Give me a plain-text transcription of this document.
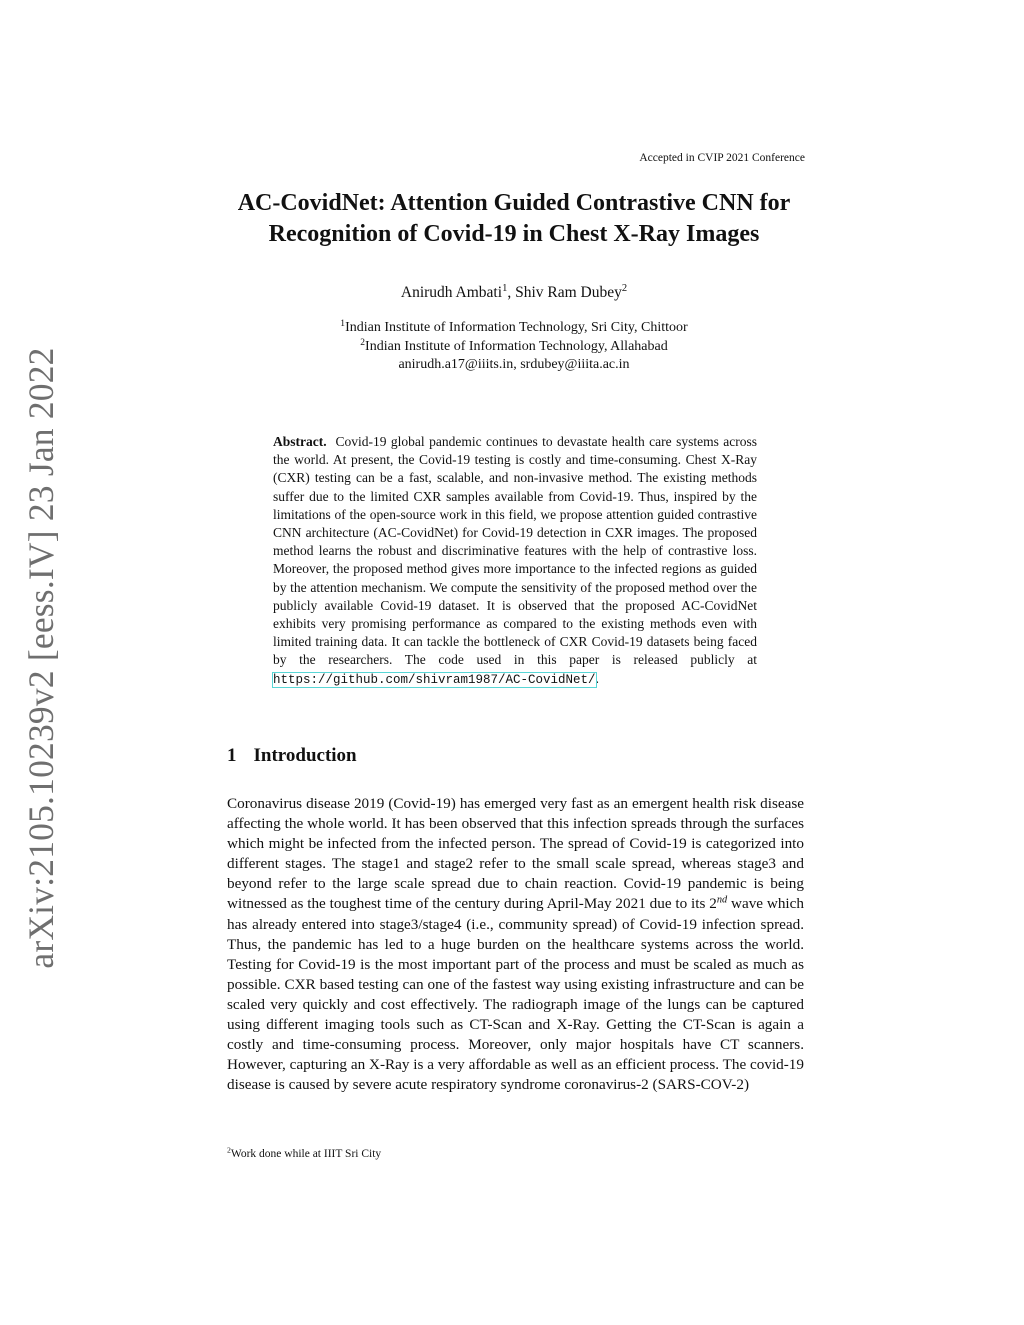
arXiv:2105.10239v2 [eess.IV] 23 Jan 2022
Accepted in CVIP 2021 Conference
AC-CovidNet: Attention Guided Contrastive CNN for
Recognition of Covid-19 in Chest X-Ray Images
Anirudh Ambati$^1$, Shiv Ram Dubey$^2$
$^1$Indian Institute of Information Technology, Sri City, Chittoor
$^2$Indian Institute of Information Technology, Allahabad
anirudh.a17@iiits.in, srdubey@iiita.ac.in
Abstract. Covid-19 global pandemic continues to devastate health care systems across the world. At present, the Covid-19 testing is costly and time-consuming. Chest X-Ray (CXR) testing can be a fast, scalable, and non-invasive method. The existing methods suffer due to the limited CXR samples available from Covid-19. Thus, inspired by the limitations of the open-source work in this field, we propose attention guided contrastive CNN architecture (AC-CovidNet) for Covid-19 detection in CXR images. The proposed method learns the robust and discriminative features with the help of contrastive loss. Moreover, the proposed method gives more importance to the infected regions as guided by the attention mechanism. We compute the sensitivity of the proposed method over the publicly available Covid-19 dataset. It is observed that the proposed AC-CovidNet exhibits very promising performance as compared to the existing methods even with limited training data. It can tackle the bottleneck of CXR Covid-19 datasets being faced by the researchers. The code used in this paper is released publicly at https://github.com/shivram1987/AC-CovidNet/.
1 Introduction
Coronavirus disease 2019 (Covid-19) has emerged very fast as an emergent health risk disease affecting the whole world. It has been observed that this infection spreads through the surfaces which might be infected from the infected person. The spread of Covid-19 is categorized into different stages. The stage1 and stage2 refer to the small scale spread, whereas stage3 and beyond refer to the large scale spread due to chain reaction. Covid-19 pandemic is being witnessed as the toughest time of the century during April-May 2021 due to its 2nd wave which has already entered into stage3/stage4 (i.e., community spread) of Covid-19 infection spread. Thus, the pandemic has led to a huge burden on the healthcare systems across the world. Testing for Covid-19 is the most important part of the process and must be scaled as much as possible. CXR based testing can one of the fastest way using existing infrastructure and can be scaled very quickly and cost effectively. The radiograph image of the lungs can be captured using different imaging tools such as CT-Scan and X-Ray. Getting the CT-Scan is again a costly and time-consuming process. Moreover, only major hospitals have CT scanners. However, capturing an X-Ray is a very affordable as well as an efficient process. The covid-19 disease is caused by severe acute respiratory syndrome coronavirus-2 (SARS-COV-2)
$^2$Work done while at IIIT Sri City
